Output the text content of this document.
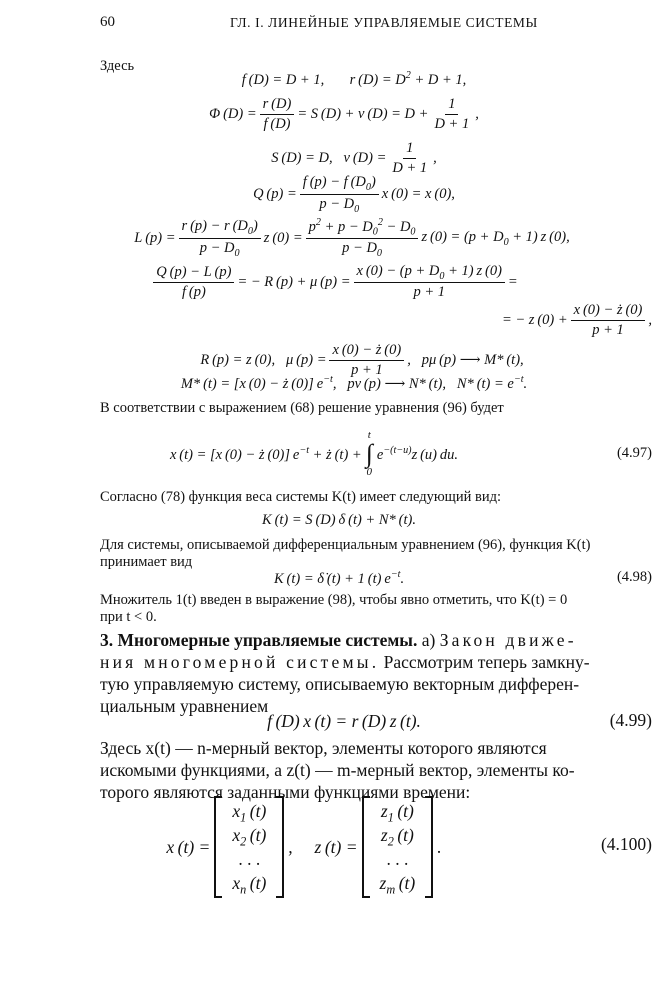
60	ГЛ. I. ЛИНЕЙНЫЕ УПРАВЛЯЕМЫЕ СИСТЕМЫ
Здесь
f (D) = D + 1,       r $(D) = D^2 + D + 1$,
Φ $(D) = \frac{r (D)}{f (D)} = S$ (D) + ν $(D) = D + \frac{1}{D + 1}$ ,
S (D) = D,   ν $(D) = \frac{1}{D + 1}$ ,
Q $(p) = \frac{f (p) - f (D_0)}{p - D_0}$ x (0) = x (0),
L $(p) = \frac{r (p) - r (D_0)}{p - D_0}$ z $(0) = \frac{p^2 + p - D_0^2 - D_0}{p - D_0}$ z $(0) = (p + D_0 + 1)$ z (0),
$\frac{Q (p) - L (p)}{f (p)}$ = − R (p) + μ $(p) = \frac{x (0) - (p + D_0 + 1) z (0)}{p + 1}$ =
= − z $(0) + \frac{x (0) - ż (0)}{p + 1}$ ,
R (p) = z (0),   μ $(p) = \frac{x (0) - ż (0)}{p + 1}$ ,   pμ (p) ⟶ M* (t),
M* (t) = [x (0) − ż (0)] $e^{-t}$,   pν (p) ⟶ N* (t),   N* $(t) = e^{-t}$.
В соответствии с выражением (68) решение уравнения (96) будет
x (t) = [x (0) − ż (0)] $e^{-t}$ + ż (t) +
t
∫
0
$e^{-(t-u)}z$ (u) du.	(4.97)
Согласно (78) функция веса системы K(t) имеет следующий вид:
K (t) = S (D) δ (t) + N* (t).
Для системы, описываемой дифференциальным уравнением (96), функция K(t)
принимает вид
K (t) = δ̇ (t) + 1 (t) $e^{-t}$.	(4.98)
Множитель 1(t) введен в выражение (98), чтобы явно отметить, что K(t) = 0
при t < 0.
3. Многомерные управляемые системы. а) Закон движе-
ния многомерной системы. Рассмотрим теперь замкну-
тую управляемую систему, описываемую векторным дифферен-
циальным уравнением
f (D) x (t) = r (D) z (t).	(4.99)
Здесь x(t) — n-мерный вектор, элементы которого являются
искомыми функциями, а z(t) — m-мерный вектор, элементы ко-
торого являются заданными функциями времени:
x (t) =
$x_1$ (t)
$x_2$ (t)
. . .
$x_n$ (t)
,     z (t) =
$z_1$ (t)
$z_2$ (t)
. . .
$z_m$ (t)
.	(4.100)
